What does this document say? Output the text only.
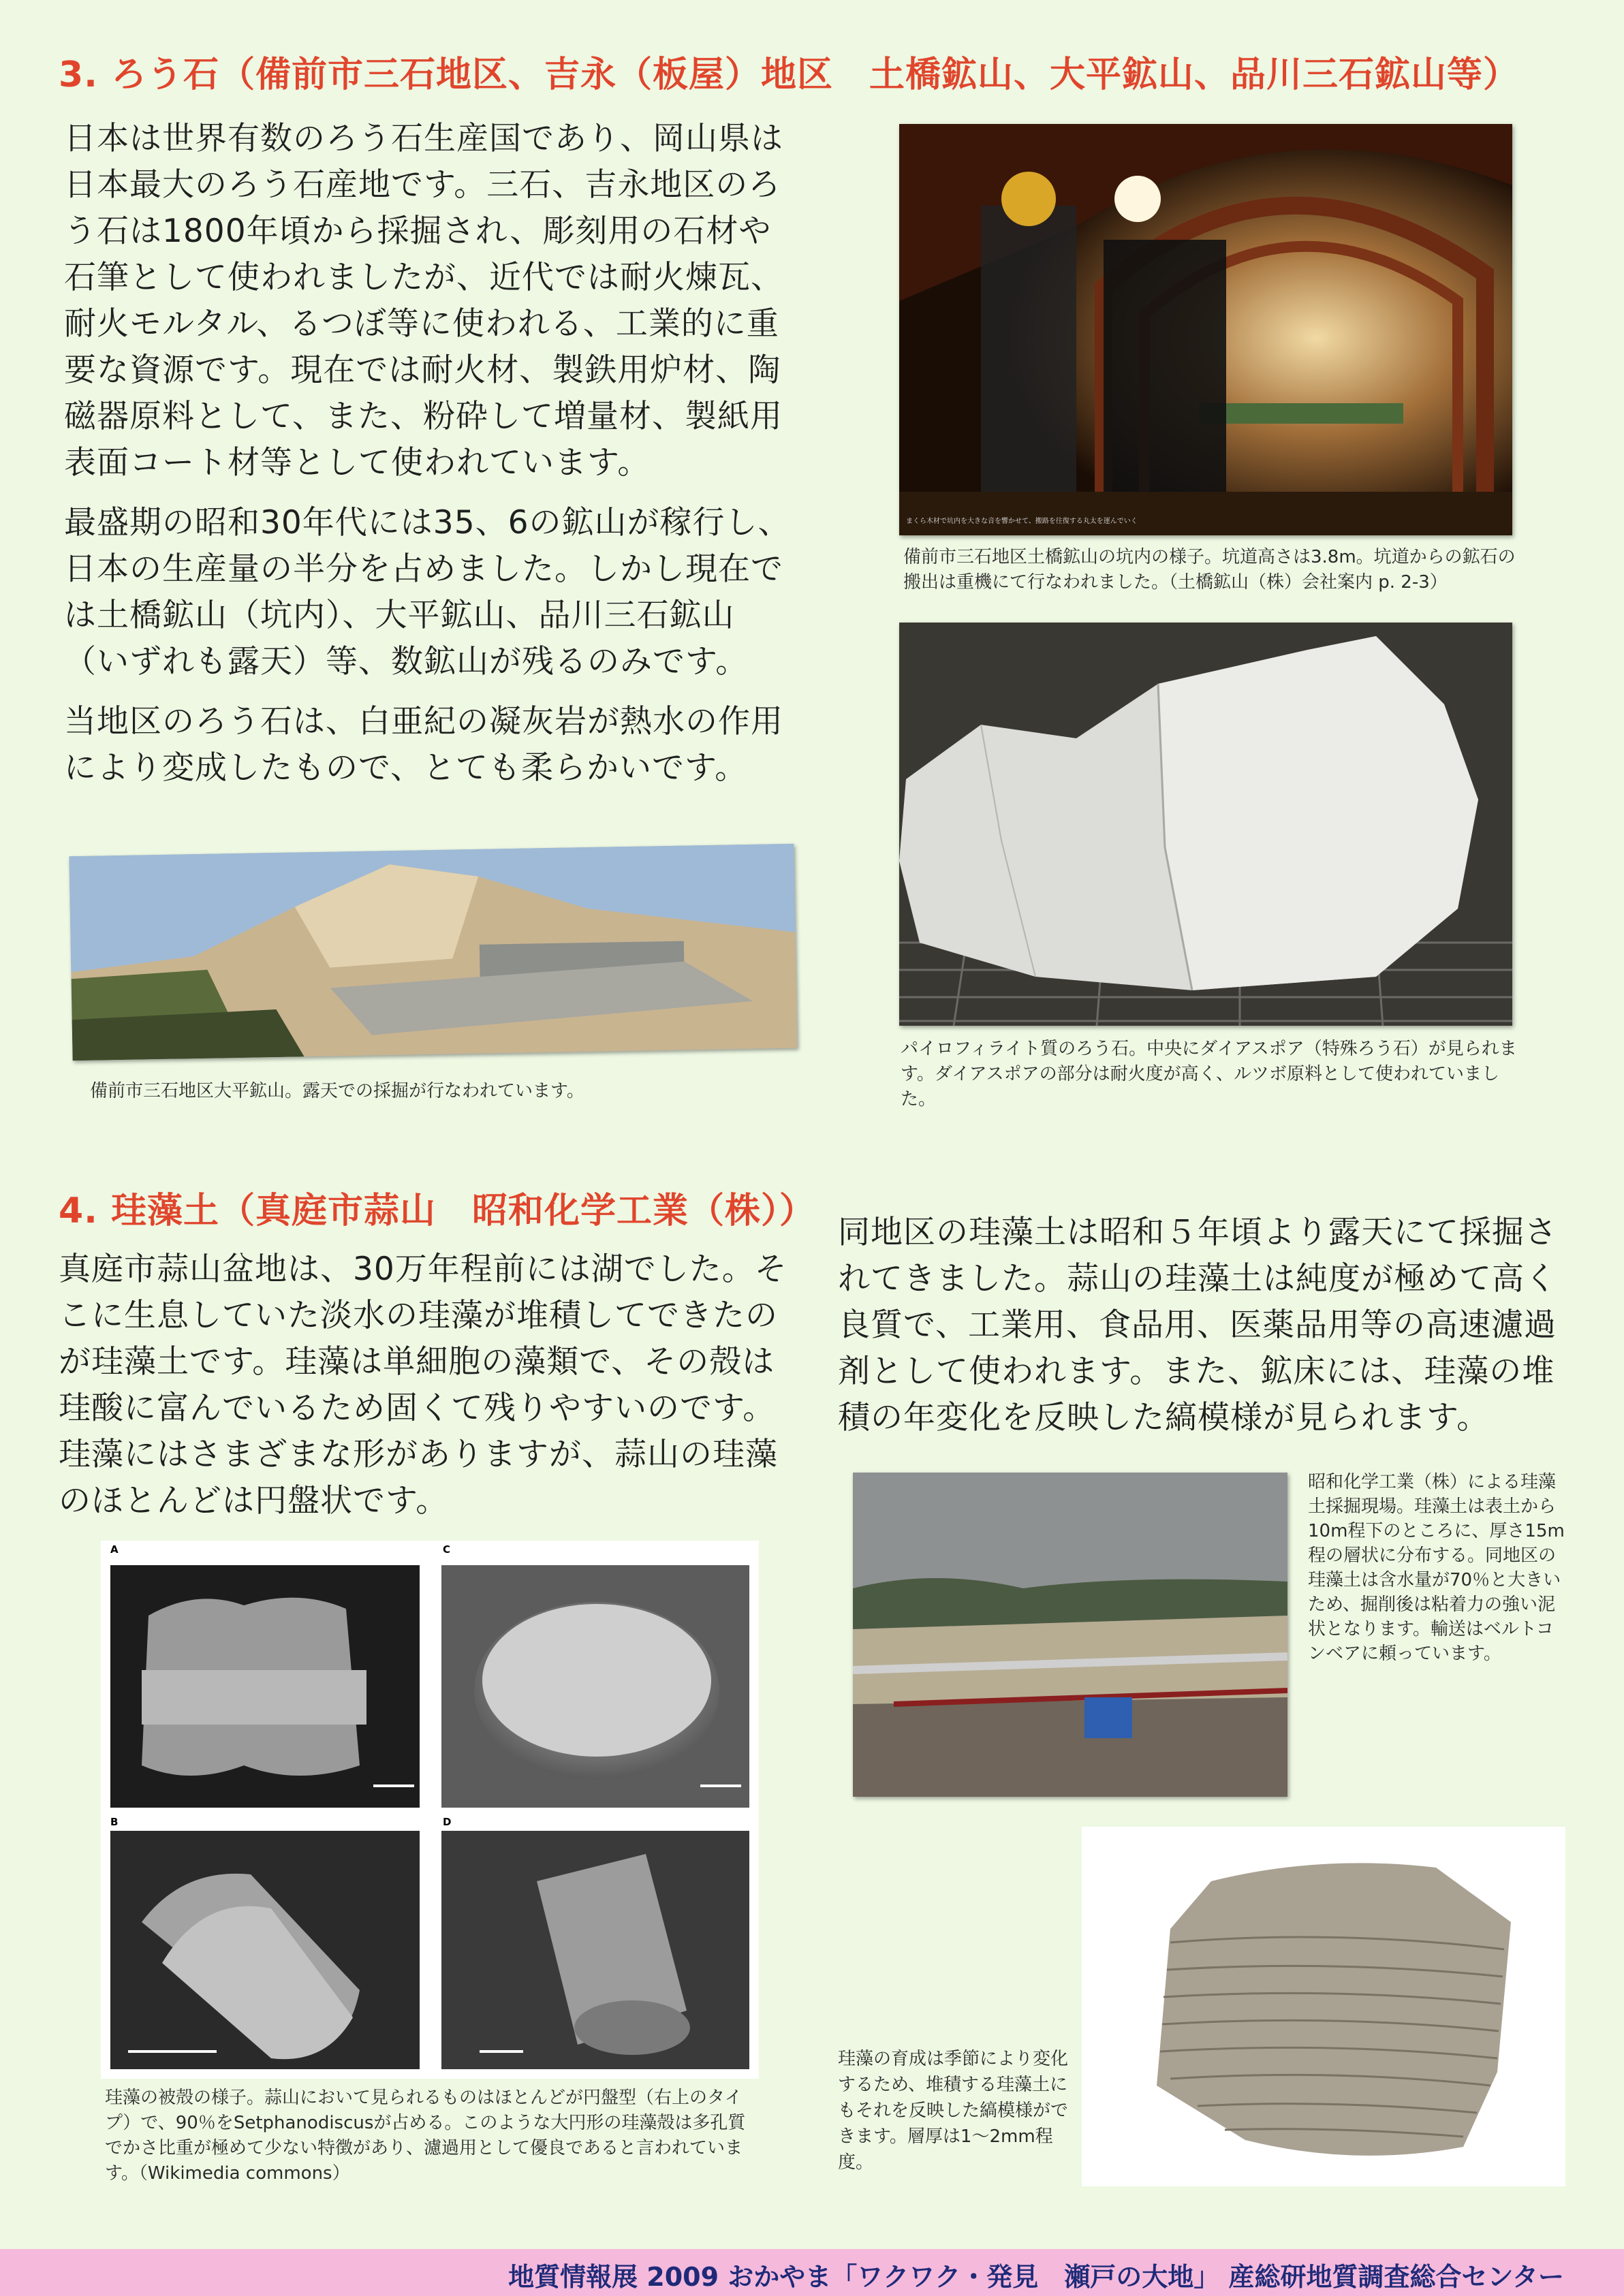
3. ろう石（備前市三石地区、吉永（板屋）地区　土橋鉱山、大平鉱山、品川三石鉱山等）

日本は世界有数のろう石生産国であり、岡山県は日本最大のろう石産地です。三石、吉永地区のろう石は1800年頃から採掘され、彫刻用の石材や石筆として使われましたが、近代では耐火煉瓦、耐火モルタル、るつぼ等に使われる、工業的に重要な資源です。現在では耐火材、製鉄用炉材、陶磁器原料として、また、粉砕して増量材、製紙用表面コート材等として使われています。

最盛期の昭和30年代には35、6の鉱山が稼行し、日本の生産量の半分を占めました。しかし現在では土橋鉱山（坑内）、大平鉱山、品川三石鉱山（いずれも露天）等、数鉱山が残るのみです。

当地区のろう石は、白亜紀の凝灰岩が熱水の作用により変成したもので、とても柔らかいです。

まくら木材で坑内を大きな音を響かせて、搬路を往復する丸太を運んでいく
備前市三石地区土橋鉱山の坑内の様子。坑道高さは3.8m。坑道からの鉱石の搬出は重機にて行なわれました。（土橋鉱山（株）会社案内 p. 2-3）
パイロフィライト質のろう石。中央にダイアスポア（特殊ろう石）が見られます。ダイアスポアの部分は耐火度が高く、ルツボ原料として使われていました。
備前市三石地区大平鉱山。露天での採掘が行なわれています。
4. 珪藻土（真庭市蒜山　昭和化学工業（株））
真庭市蒜山盆地は、30万年程前には湖でした。そこに生息していた淡水の珪藻が堆積してできたのが珪藻土です。珪藻は単細胞の藻類で、その殻は珪酸に富んでいるため固くて残りやすいのです。珪藻にはさまざまな形がありますが、蒜山の珪藻のほとんどは円盤状です。
同地区の珪藻土は昭和５年頃より露天にて採掘されてきました。蒜山の珪藻土は純度が極めて高く良質で、工業用、食品用、医薬品用等の高速濾過剤として使われます。また、鉱床には、珪藻の堆積の年変化を反映した縞模様が見られます。
A	C
B	D
珪藻の被殻の様子。蒜山において見られるものはほとんどが円盤型（右上のタイプ）で、90％をSetphanodiscusが占める。このような大円形の珪藻殻は多孔質でかさ比重が極めて少ない特徴があり、濾過用として優良であると言われています。（Wikimedia commons）
昭和化学工業（株）による珪藻土採掘現場。珪藻土は表土から10m程下のところに、厚さ15m程の層状に分布する。同地区の珪藻土は含水量が70％と大きいため、掘削後は粘着力の強い泥状となります。輸送はベルトコンベアに頼っています。
珪藻の育成は季節により変化するため、堆積する珪藻土にもそれを反映した縞模様ができます。層厚は1〜2mm程度。
地質情報展 2009 おかやま「ワクワク・発見　瀬戸の大地」 産総研地質調査総合センター
